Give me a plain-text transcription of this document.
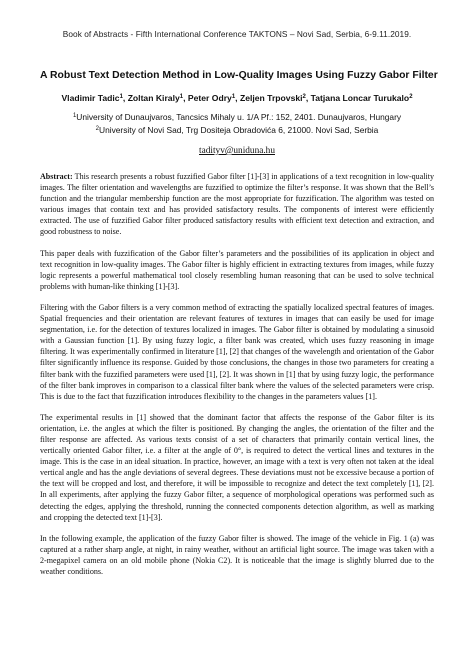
Book of Abstracts - Fifth International Conference TAKTONS – Novi Sad, Serbia, 6-9.11.2019.
A Robust Text Detection Method in Low-Quality Images Using Fuzzy Gabor Filter
Vladimir Tadic$^1$, Zoltan Kiraly$^1$, Peter Odry$^1$, Zeljen Trpovski$^2$, Tatjana Loncar Turukalo$^2$
$^1$University of Dunaujvaros, Tancsics Mihaly u. 1/A Pf.: 152, 2401. Dunaujvaros, Hungary
$^2$University of Novi Sad, Trg Dositeja Obradovića 6, 21000. Novi Sad, Serbia
tadityv@uniduna.hu

Abstract: This research presents a robust fuzzified Gabor filter [1]-[3] in applications of a text recognition in low-quality images. The filter orientation and wavelengths are fuzzified to optimize the filter’s response. It was shown that the Bell’s function and the triangular membership function are the most appropriate for fuzzification. The algorithm was tested on various images that contain text and has provided satisfactory results. The components of interest were efficiently extracted. The use of fuzzified Gabor filter produced satisfactory results with efficient text detection and extraction, and good robustness to noise.

This paper deals with fuzzification of the Gabor filter’s parameters and the possibilities of its application in object and text recognition in low-quality images. The Gabor filter is highly efficient in extracting textures from images, while fuzzy logic represents a powerful mathematical tool closely resembling human reasoning that can be used to solve technical problems with human-like thinking [1]-[3].

Filtering with the Gabor filters is a very common method of extracting the spatially localized spectral features of images. Spatial frequencies and their orientation are relevant features of textures in images that can easily be used for image segmentation, i.e. for the detection of textures localized in images. The Gabor filter is obtained by modulating a sinusoid with a Gaussian function [1]. By using fuzzy logic, a filter bank was created, which uses fuzzy reasoning in image filtering. It was experimentally confirmed in literature [1], [2] that changes of the wavelength and orientation of the Gabor filter significantly influence its response. Guided by those conclusions, the changes in those two parameters for creating a filter bank with the fuzzified parameters were used [1], [2]. It was shown in [1] that by using fuzzy logic, the performance of the filter bank improves in comparison to a classical filter bank where the values of the selected parameters were crisp. This is due to the fact that fuzzification introduces flexibility to the changes in the parameters values [1].

The experimental results in [1] showed that the dominant factor that affects the response of the Gabor filter is its orientation, i.e. the angles at which the filter is positioned. By changing the angles, the orientation of the filter and the filter response are affected. As various texts consist of a set of characters that primarily contain vertical lines, the vertically oriented Gabor filter, i.e. a filter at the angle of 0°, is required to detect the vertical lines and textures in the image. This is the case in an ideal situation. In practice, however, an image with a text is very often not taken at the ideal vertical angle and has the angle deviations of several degrees. These deviations must not be excessive because a portion of the text will be cropped and lost, and therefore, it will be impossible to recognize and detect the text completely [1], [2]. In all experiments, after applying the fuzzy Gabor filter, a sequence of morphological operations was performed such as detecting the edges, applying the threshold, running the connected components detection algorithm, as well as marking and cropping the detected text [1]-[3].

In the following example, the application of the fuzzy Gabor filter is showed. The image of the vehicle in Fig. 1 (a) was captured at a rather sharp angle, at night, in rainy weather, without an artificial light source. The image was taken with a 2-megapixel camera on an old mobile phone (Nokia C2). It is noticeable that the image is slightly blurred due to the weather conditions.
